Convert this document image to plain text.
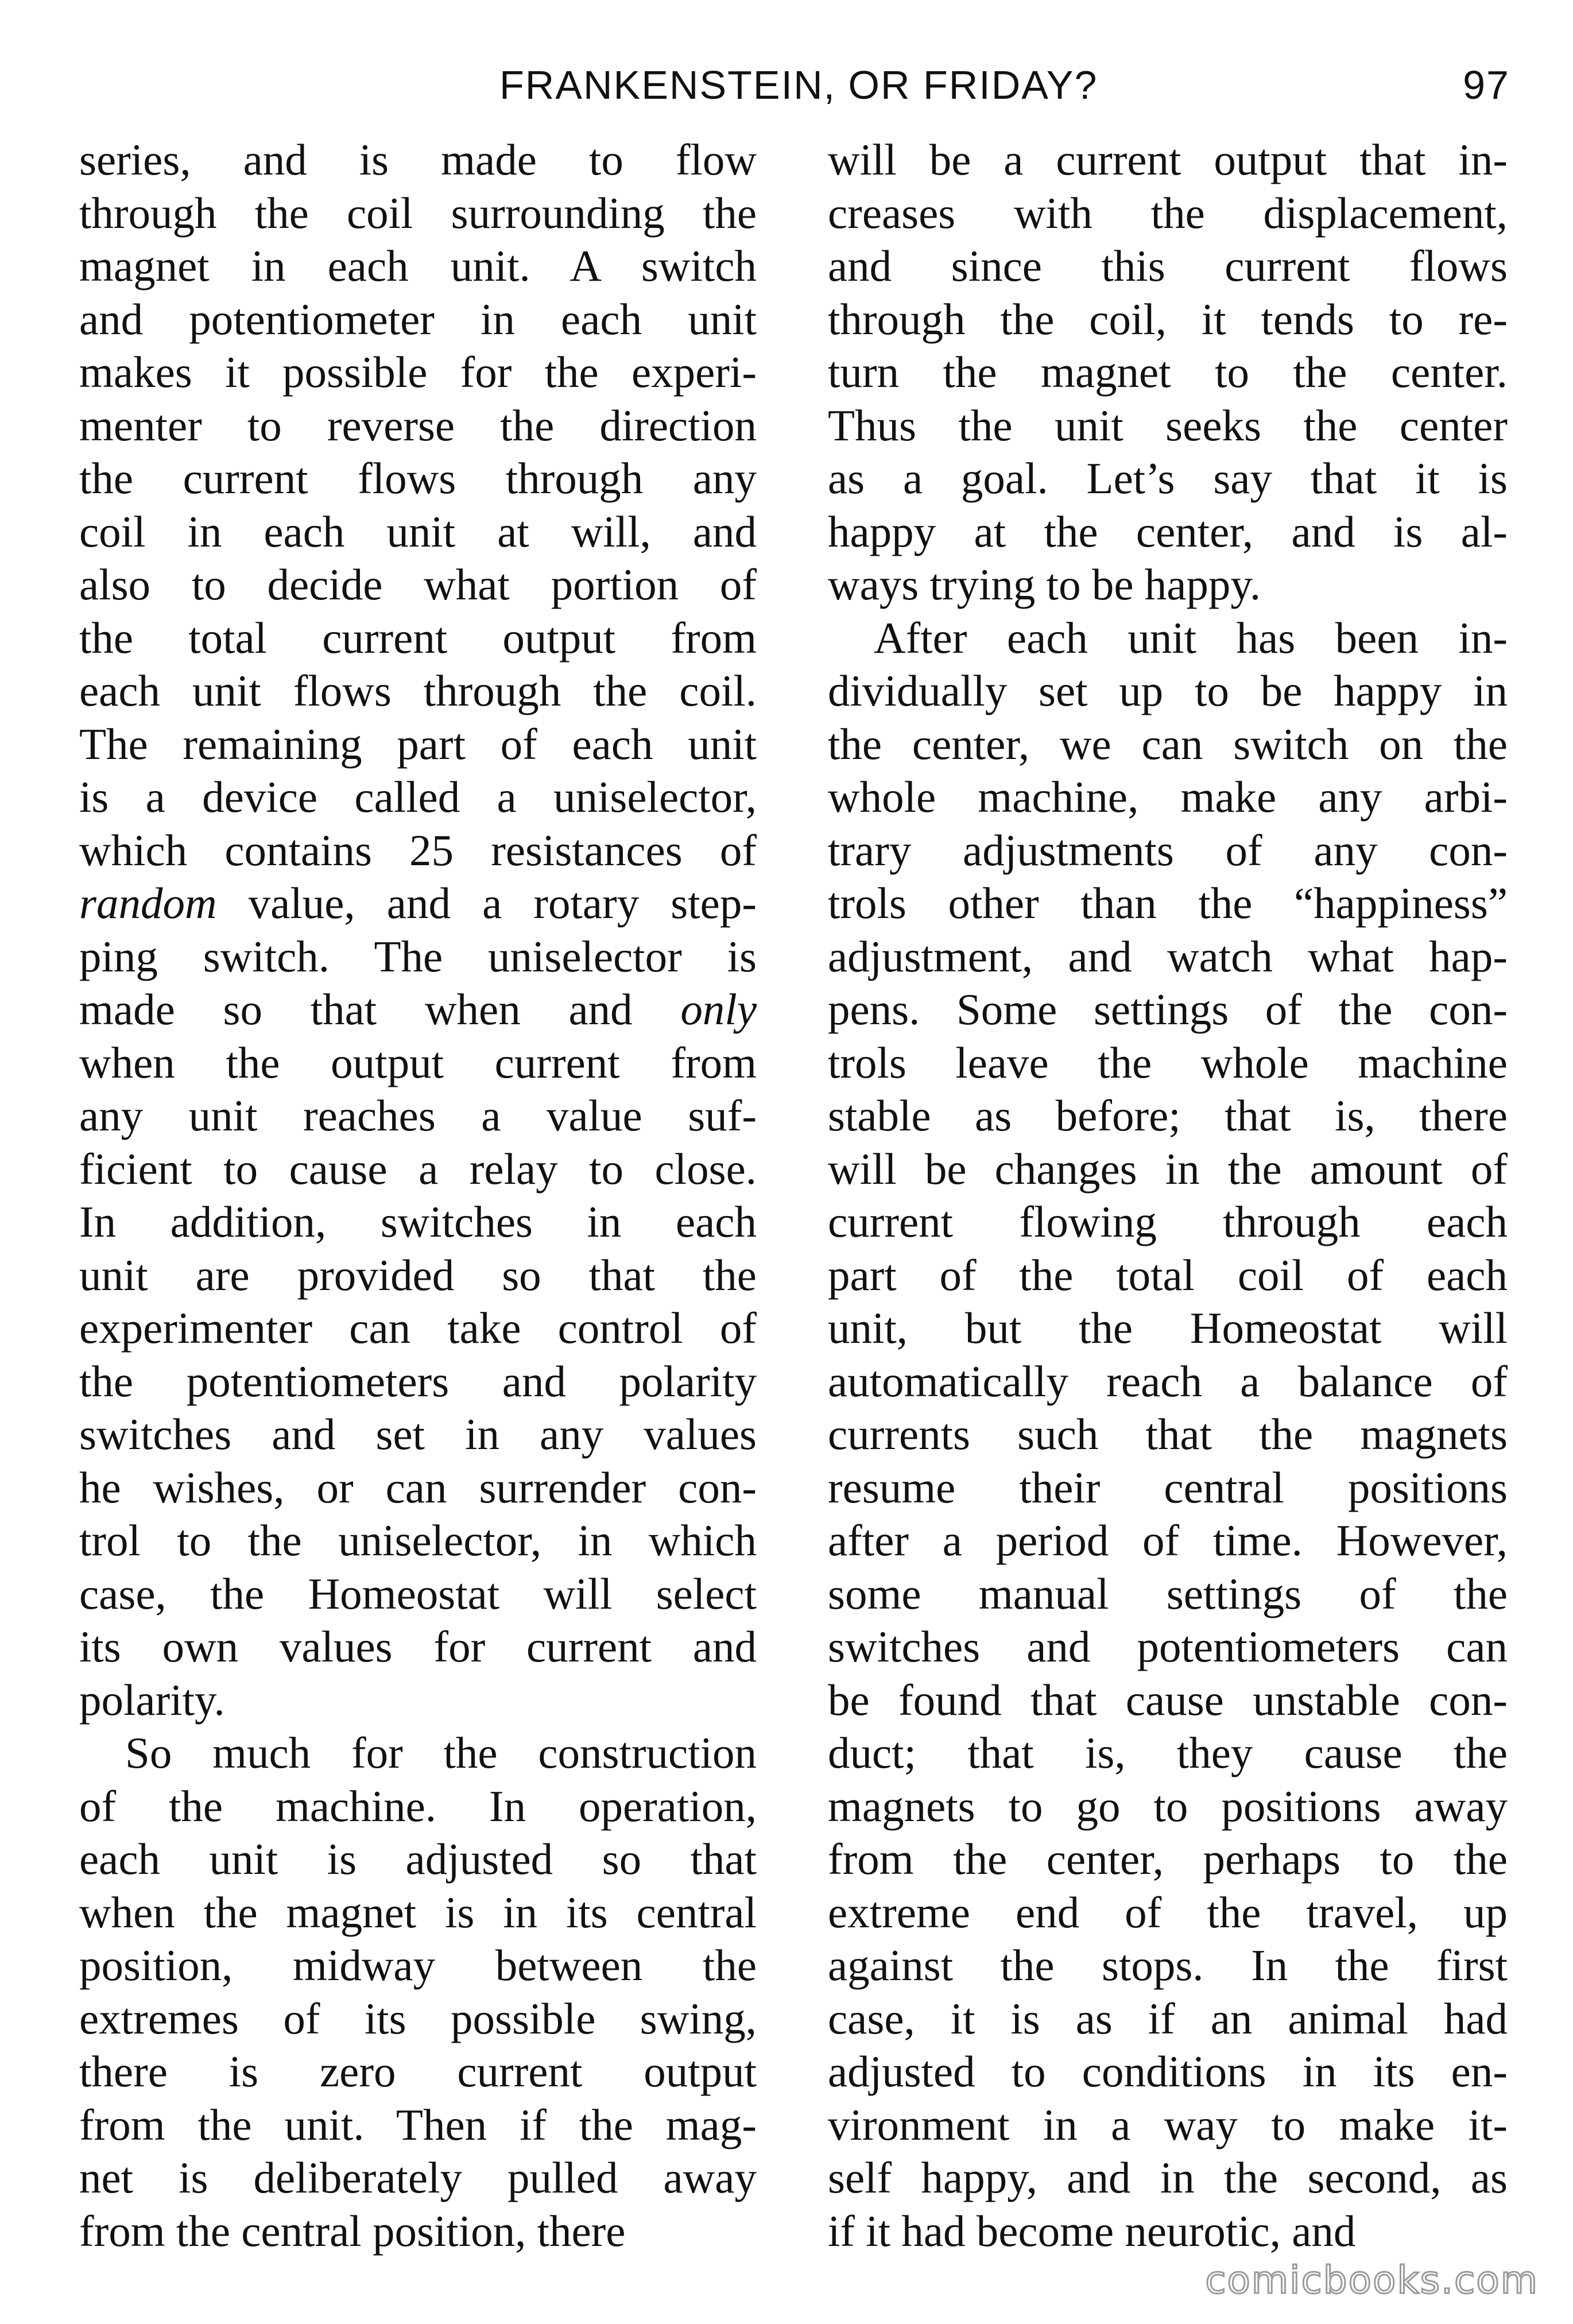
FRANKENSTEIN, OR FRIDAY?	97
series, and is made to flow
through the coil surrounding the
magnet in each unit. A switch
and potentiometer in each unit
makes it possible for the experi-
menter to reverse the direction
the current flows through any
coil in each unit at will, and
also to decide what portion of
the total current output from
each unit flows through the coil.
The remaining part of each unit
is a device called a uniselector,
which contains 25 resistances of
random value, and a rotary step-
ping switch. The uniselector is
made so that when and only
when the output current from
any unit reaches a value suf-
ficient to cause a relay to close.
In addition, switches in each
unit are provided so that the
experimenter can take control of
the potentiometers and polarity
switches and set in any values
he wishes, or can surrender con-
trol to the uniselector, in which
case, the Homeostat will select
its own values for current and
polarity.
So much for the construction
of the machine. In operation,
each unit is adjusted so that
when the magnet is in its central
position, midway between the
extremes of its possible swing,
there is zero current output
from the unit. Then if the mag-
net is deliberately pulled away
from the central position, there
will be a current output that in-
creases with the displacement,
and since this current flows
through the coil, it tends to re-
turn the magnet to the center.
Thus the unit seeks the center
as a goal. Let’s say that it is
happy at the center, and is al-
ways trying to be happy.
After each unit has been in-
dividually set up to be happy in
the center, we can switch on the
whole machine, make any arbi-
trary adjustments of any con-
trols other than the “happiness”
adjustment, and watch what hap-
pens. Some settings of the con-
trols leave the whole machine
stable as before; that is, there
will be changes in the amount of
current flowing through each
part of the total coil of each
unit, but the Homeostat will
automatically reach a balance of
currents such that the magnets
resume their central positions
after a period of time. However,
some manual settings of the
switches and potentiometers can
be found that cause unstable con-
duct; that is, they cause the
magnets to go to positions away
from the center, perhaps to the
extreme end of the travel, up
against the stops. In the first
case, it is as if an animal had
adjusted to conditions in its en-
vironment in a way to make it-
self happy, and in the second, as
if it had become neurotic, and
comicbooks.com
